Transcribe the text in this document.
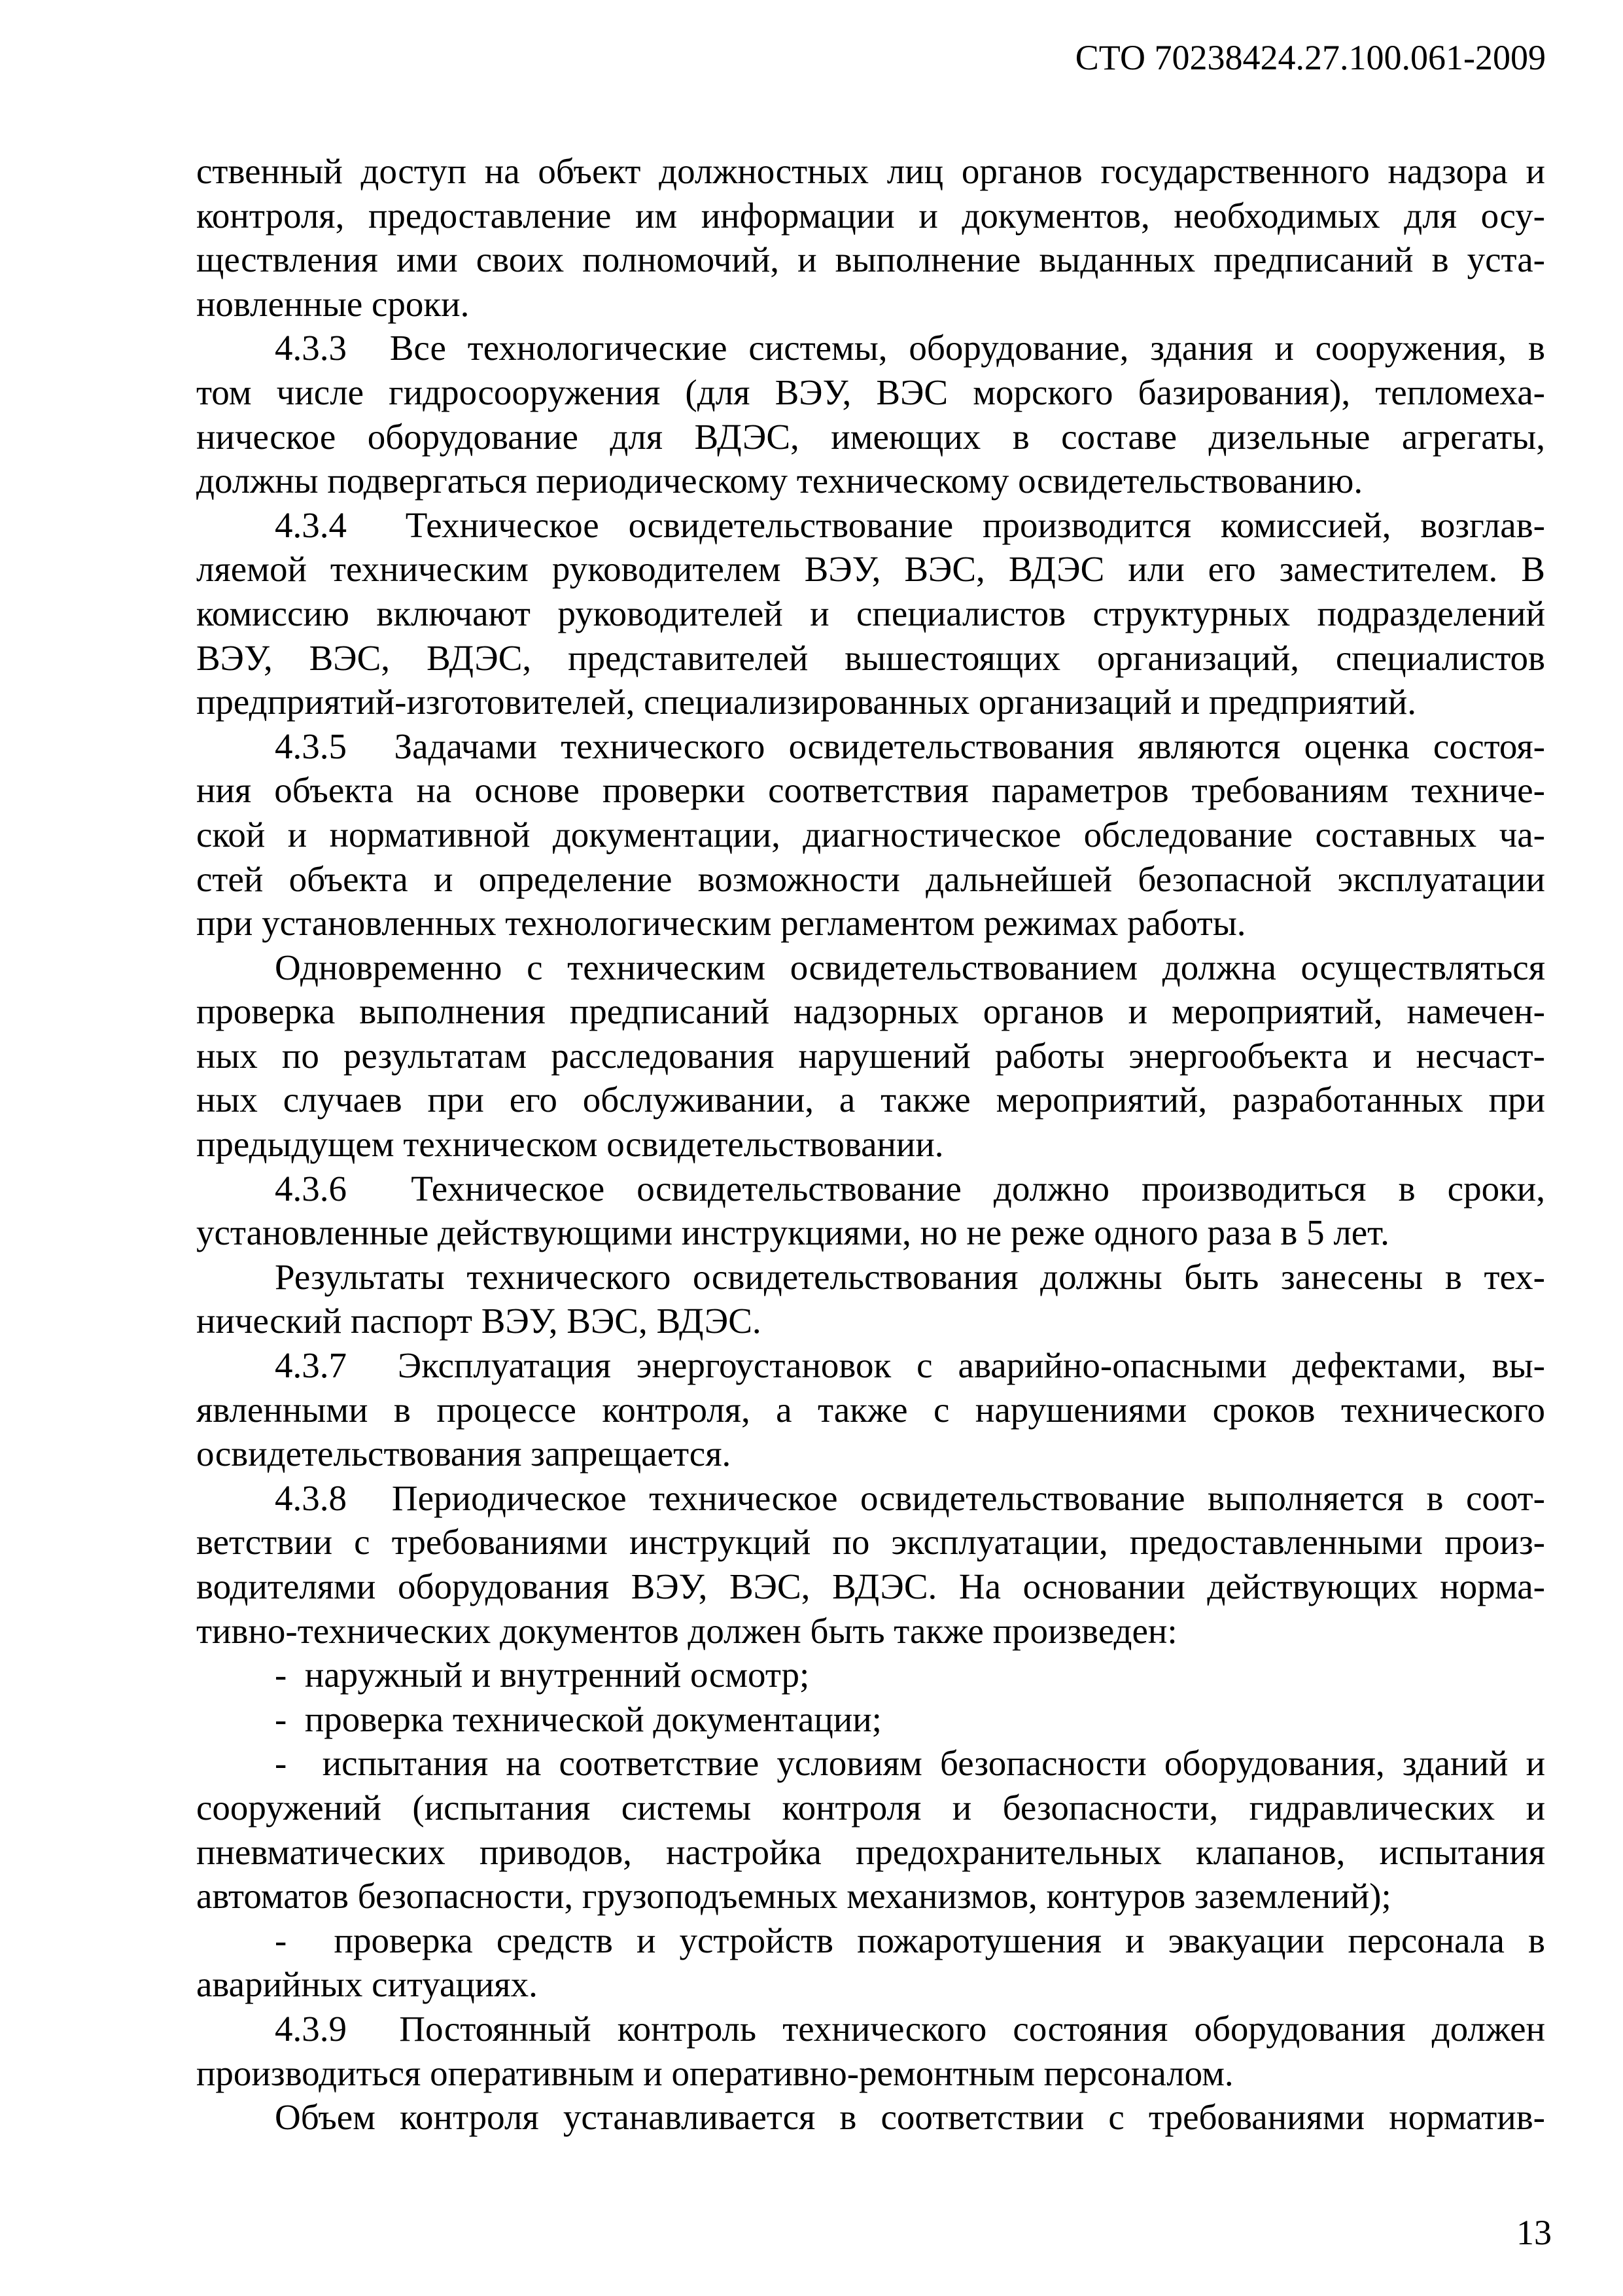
СТО 70238424.27.100.061-2009
ственный доступ на объект должностных лиц органов государственного надзора и
контроля, предоставление им информации и документов, необходимых для осу-
ществления ими своих полномочий, и выполнение выданных предписаний в уста-
новленные сроки.
4.3.3  Все технологические системы, оборудование, здания и сооружения, в
том числе гидросооружения (для ВЭУ, ВЭС морского базирования), тепломеха-
ническое оборудование для ВДЭС, имеющих в составе дизельные агрегаты,
должны подвергаться периодическому техническому освидетельствованию.
4.3.4  Техническое освидетельствование производится комиссией, возглав-
ляемой техническим руководителем ВЭУ, ВЭС, ВДЭС или его заместителем. В
комиссию включают руководителей и специалистов структурных подразделений
ВЭУ, ВЭС, ВДЭС, представителей вышестоящих организаций, специалистов
предприятий-изготовителей, специализированных организаций и предприятий.
4.3.5  Задачами технического освидетельствования являются оценка состоя-
ния объекта на основе проверки соответствия параметров требованиям техниче-
ской и нормативной документации, диагностическое обследование составных ча-
стей объекта и определение возможности дальнейшей безопасной эксплуатации
при установленных технологическим регламентом режимах работы.
Одновременно с техническим освидетельствованием должна осуществляться
проверка выполнения предписаний надзорных органов и мероприятий, намечен-
ных по результатам расследования нарушений работы энергообъекта и несчаст-
ных случаев при его обслуживании, а также мероприятий, разработанных при
предыдущем техническом освидетельствовании.
4.3.6  Техническое освидетельствование должно производиться в сроки,
установленные действующими инструкциями, но не реже одного раза в 5 лет.
Результаты технического освидетельствования должны быть занесены в тех-
нический паспорт ВЭУ, ВЭС, ВДЭС.
4.3.7  Эксплуатация энергоустановок с аварийно-опасными дефектами, вы-
явленными в процессе контроля, а также с нарушениями сроков технического
освидетельствования запрещается.
4.3.8  Периодическое техническое освидетельствование выполняется в соот-
ветствии с требованиями инструкций по эксплуатации, предоставленными произ-
водителями оборудования ВЭУ, ВЭС, ВДЭС. На основании действующих норма-
тивно-технических документов должен быть также произведен:
-  наружный и внутренний осмотр;
-  проверка технической документации;
-  испытания на соответствие условиям безопасности оборудования, зданий и
сооружений (испытания системы контроля и безопасности, гидравлических и
пневматических приводов, настройка предохранительных клапанов, испытания
автоматов безопасности, грузоподъемных механизмов, контуров заземлений);
-  проверка средств и устройств пожаротушения и эвакуации персонала в
аварийных ситуациях.
4.3.9  Постоянный контроль технического состояния оборудования должен
производиться оперативным и оперативно-ремонтным персоналом.
Объем контроля устанавливается в соответствии с требованиями норматив-
13
